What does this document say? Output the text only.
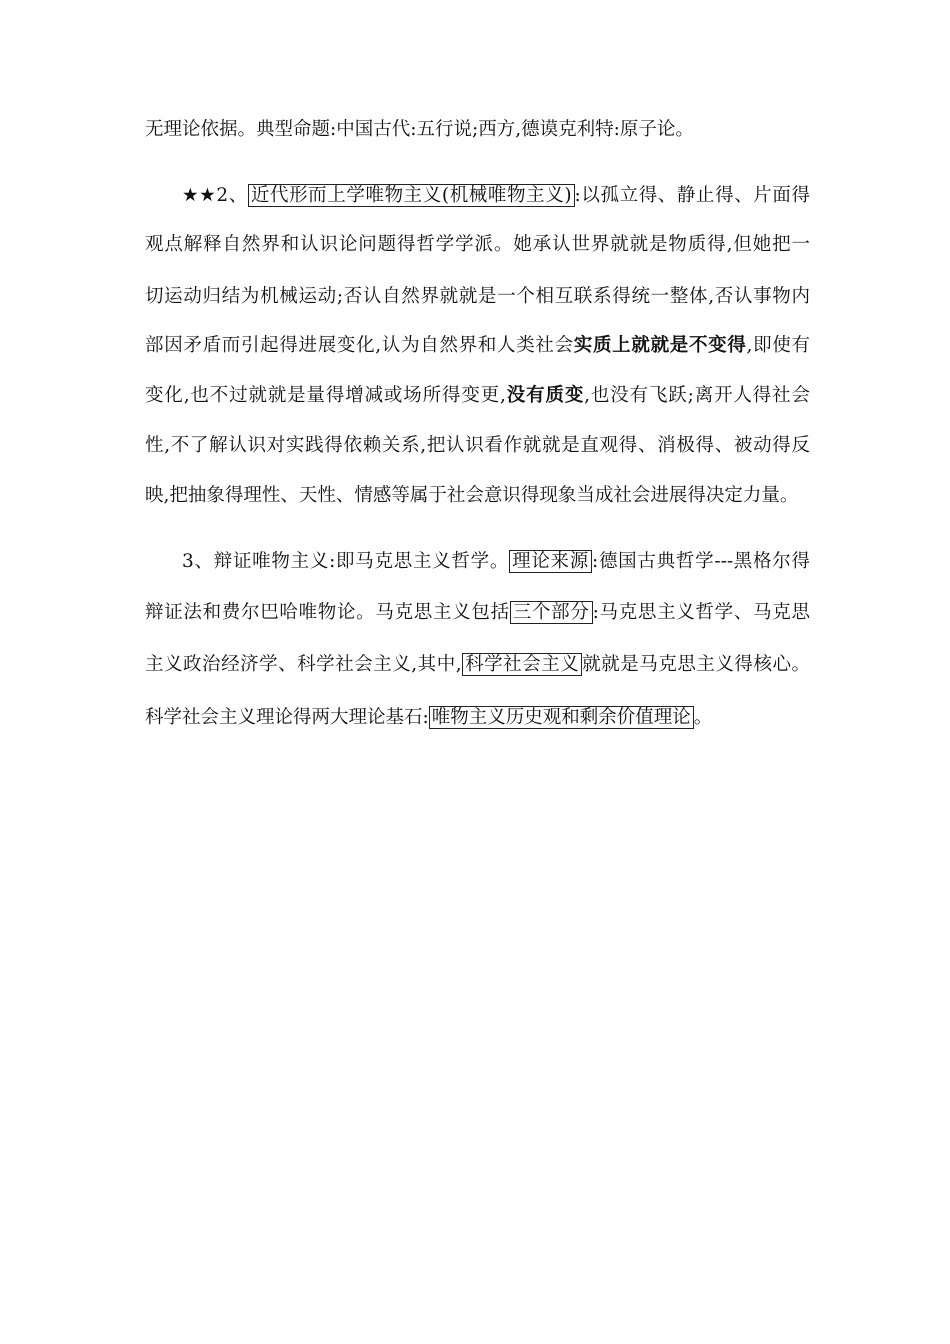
无理论依据。典型命题:中国古代:五行说;西方,德谟克利特:原子论。
★★2、 近代形而上学唯物主义(机械唯物主义) :以孤立得、静止得、片面得
观点解释自然界和认识论问题得哲学学派。她承认世界就就是物质得,但她把一
切运动归结为机械运动;否认自然界就就是一个相互联系得统一整体,否认事物内
部因矛盾而引起得进展变化,认为自然界和人类社会实质上就就是不变得,即使有
变化,也不过就就是量得增减或场所得变更,没有质变,也没有飞跃;离开人得社会
性,不了解认识对实践得依赖关系,把认识看作就就是直观得、消极得、被动得反
映,把抽象得理性、天性、情感等属于社会意识得现象当成社会进展得决定力量。
3、辩证唯物主义:即马克思主义哲学。 理论来源 :德国古典哲学---黑格尔得
辩证法和费尔巴哈唯物论。马克思主义包括 三个部分 :马克思主义哲学、马克思
主义政治经济学、科学社会主义,其中, 科学社会主义 就就是马克思主义得核心。
科学社会主义理论得两大理论基石: 唯物主义历史观和剩余价值理论 。
